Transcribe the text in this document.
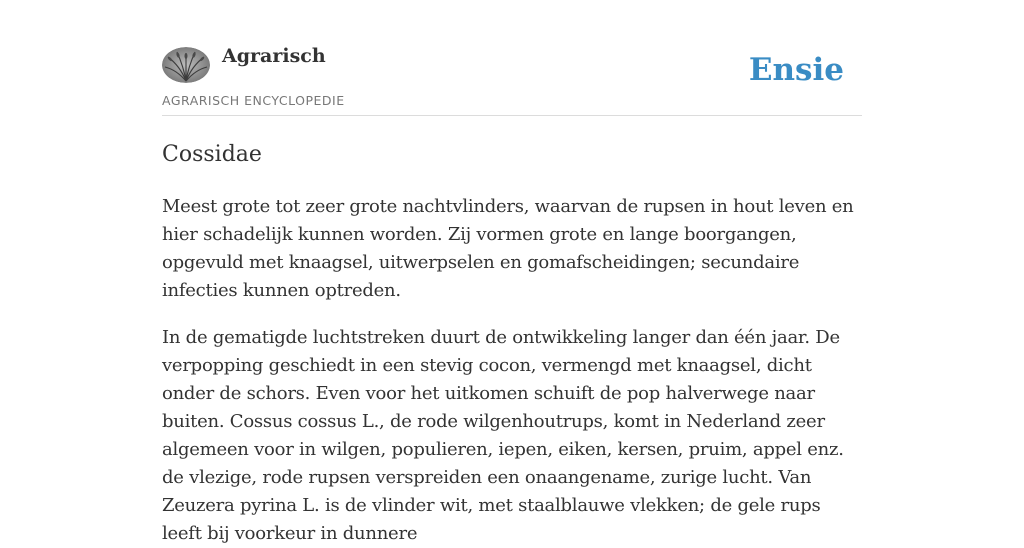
Agrarisch
AGRARISCH ENCYCLOPEDIE
Ensie
Cossidae

Meest grote tot zeer grote nachtvlinders, waarvan de rupsen in hout leven en hier schadelijk kunnen worden. Zij vormen grote en lange boorgangen, opgevuld met knaagsel, uitwerpselen en gomafscheidingen; secundaire infecties kunnen optreden.

In de gematigde luchtstreken duurt de ontwikkeling langer dan één jaar. De verpopping geschiedt in een stevig cocon, vermengd met knaagsel, dicht onder de schors. Even voor het uitkomen schuift de pop halverwege naar buiten. Cossus cossus L., de rode wilgenhoutrups, komt in Nederland zeer algemeen voor in wilgen, populieren, iepen, eiken, kersen, pruim, appel enz. de vlezige, rode rupsen verspreiden een onaangename, zurige lucht. Van Zeuzera pyrina L. is de vlinder wit, met staalblauwe vlekken; de gele rups leeft bij voorkeur in dunnere
